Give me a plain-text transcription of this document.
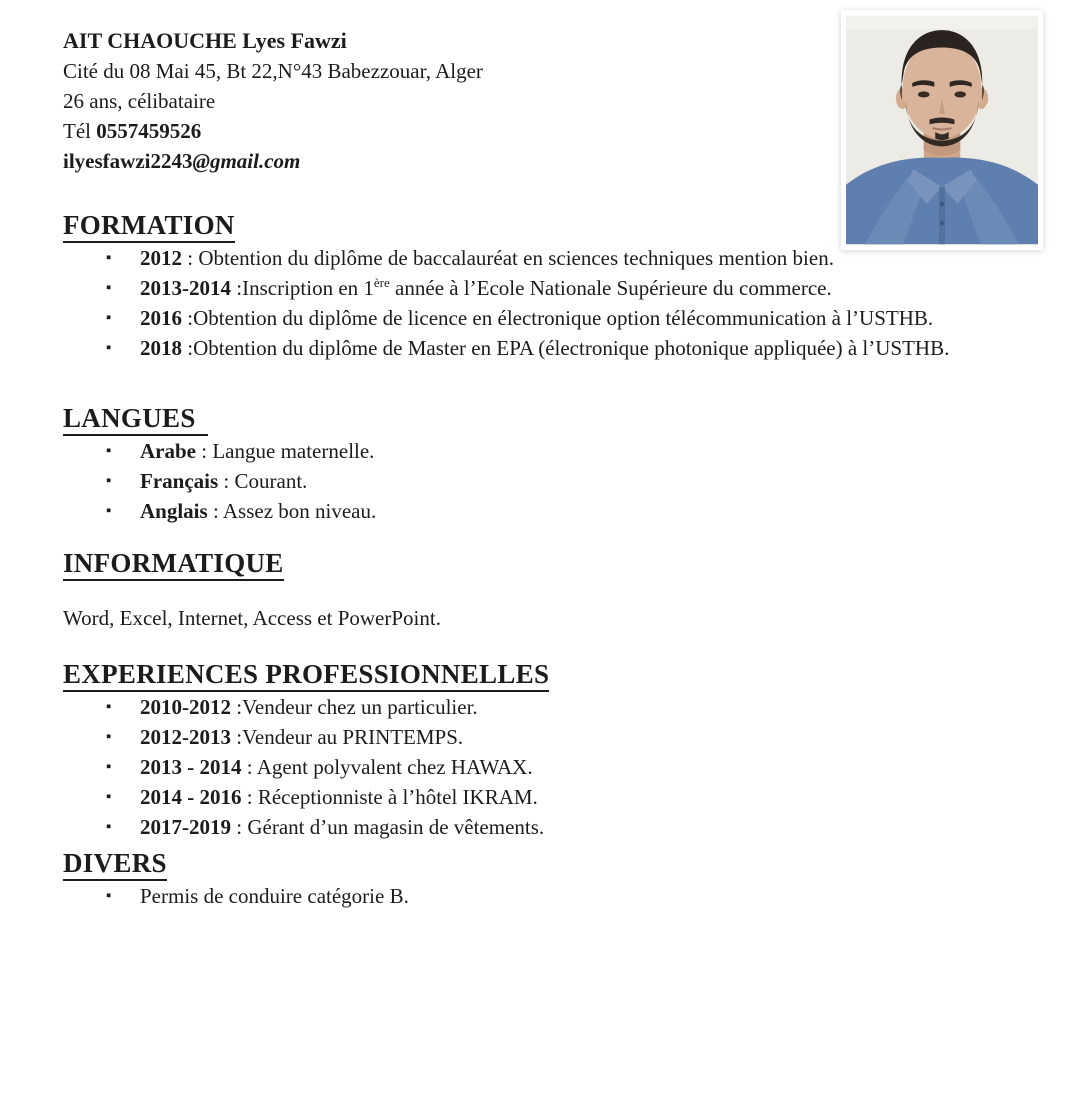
AIT CHAOUCHE Lyes Fawzi
Cité du 08 Mai 45, Bt 22,N°43 Babezzouar, Alger
26 ans, célibataire
Tél 0557459526
ilyesfawzi2243@gmail.com
FORMATION
▪ 2012 : Obtention du diplôme de baccalauréat en sciences techniques mention bien.
▪ 2013-2014 :Inscription en 1ère année à l’Ecole Nationale Supérieure du commerce.
▪ 2016 :Obtention du diplôme de licence en électronique option télécommunication à l’USTHB.
▪ 2018 :Obtention du diplôme de Master en EPA (électronique photonique appliquée) à l’USTHB.
LANGUES
▪ Arabe : Langue maternelle.
▪ Français : Courant.
▪ Anglais : Assez bon niveau.
INFORMATIQUE

Word, Excel, Internet, Access et PowerPoint.

EXPERIENCES PROFESSIONNELLES
▪ 2010-2012 :Vendeur chez un particulier.
▪ 2012-2013 :Vendeur au PRINTEMPS.
▪ 2013 - 2014 : Agent polyvalent chez HAWAX.
▪ 2014 - 2016 : Réceptionniste à l’hôtel IKRAM.
▪ 2017-2019 : Gérant d’un magasin de vêtements.
DIVERS
▪ Permis de conduire catégorie B.
